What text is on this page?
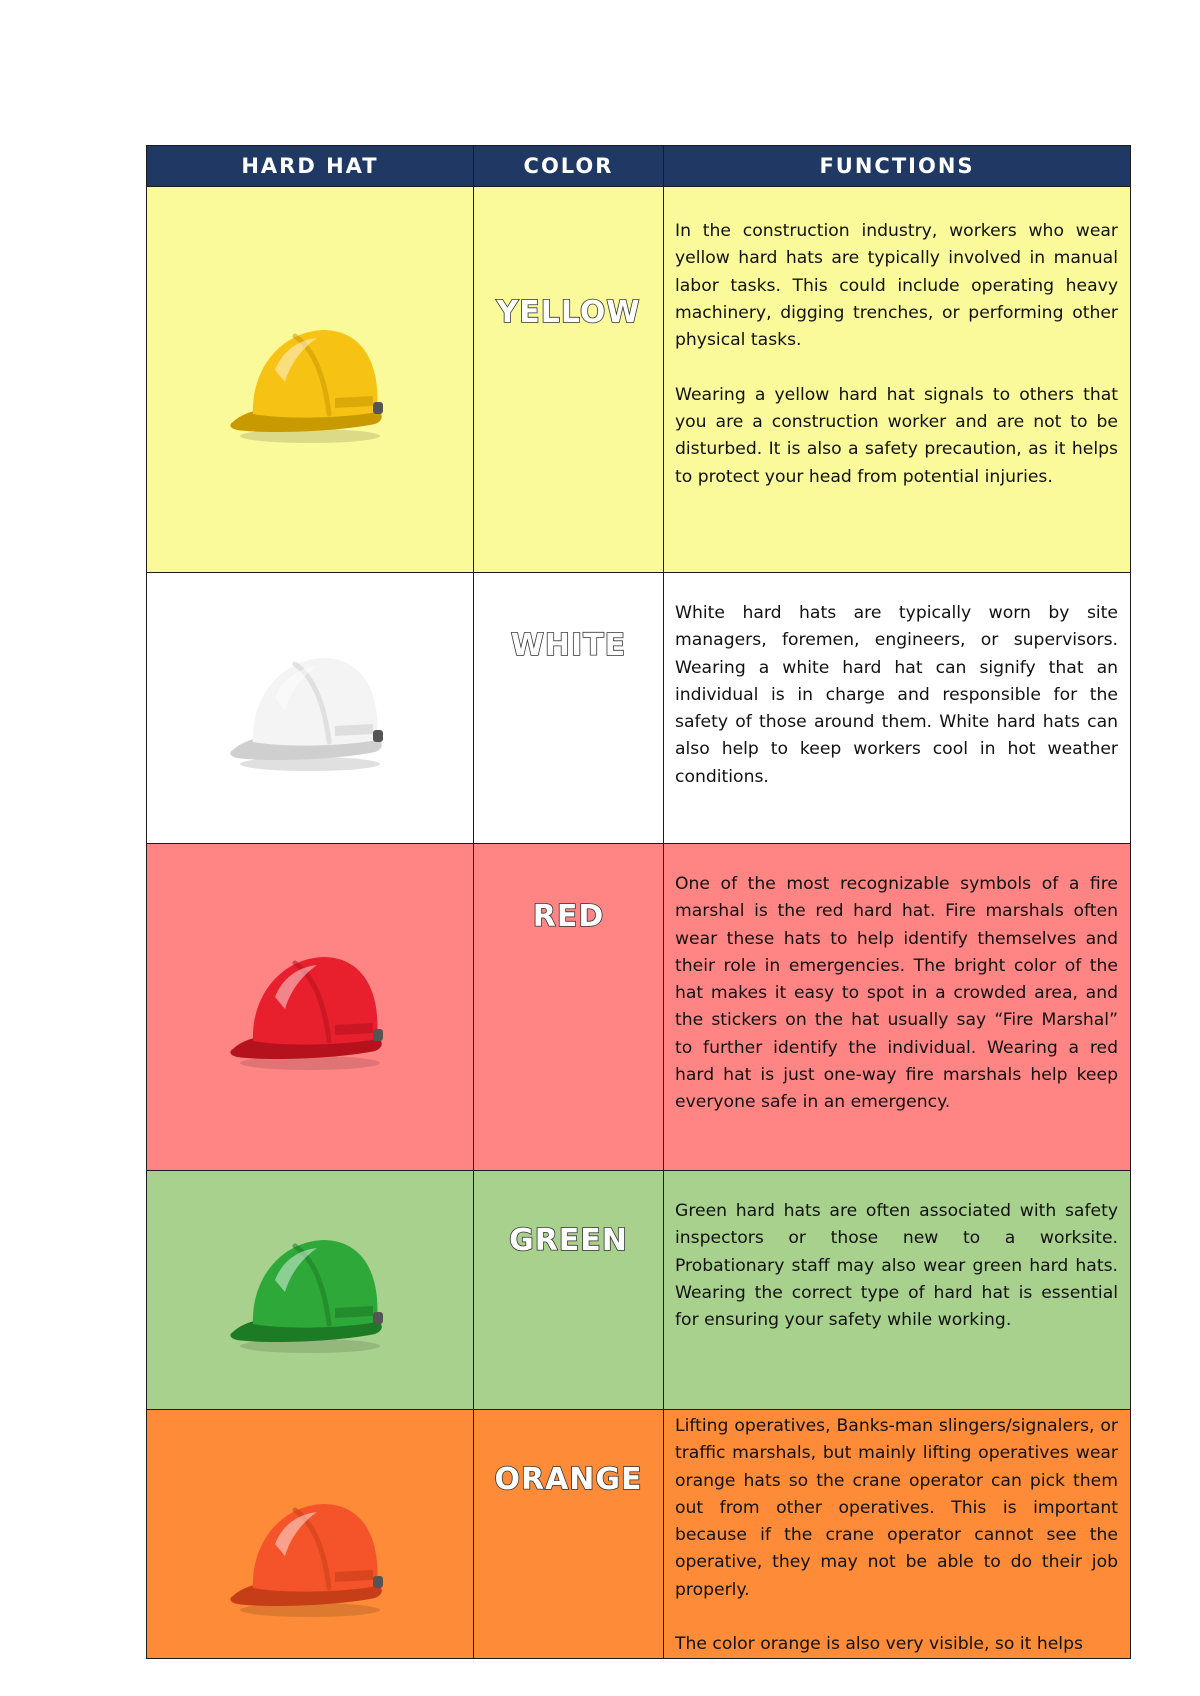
HARD HAT	COLOR	FUNCTIONS

YELLOW	In the construction industry, workers who wear yellow hard hats are typically involved in manual labor tasks. This could include operating heavy machinery, digging trenches, or performing other physical tasks.

Wearing a yellow hard hat signals to others that you are a construction worker and are not to be disturbed. It is also a safety precaution, as it helps to protect your head from potential injuries.

WHITE	White hard hats are typically worn by site managers, foremen, engineers, or supervisors. Wearing a white hard hat can signify that an individual is in charge and responsible for the safety of those around them. White hard hats can also help to keep workers cool in hot weather conditions.

RED	One of the most recognizable symbols of a fire marshal is the red hard hat. Fire marshals often wear these hats to help identify themselves and their role in emergencies. The bright color of the hat makes it easy to spot in a crowded area, and the stickers on the hat usually say “Fire Marshal” to further identify the individual. Wearing a red hard hat is just one-way fire marshals help keep everyone safe in an emergency.

GREEN	Green hard hats are often associated with safety inspectors or those new to a worksite. Probationary staff may also wear green hard hats. Wearing the correct type of hard hat is essential for ensuring your safety while working.

ORANGE	Lifting operatives, Banks-man slingers/signalers, or traffic marshals, but mainly lifting operatives wear orange hats so the crane operator can pick them out from other operatives. This is important because if the crane operator cannot see the operative, they may not be able to do their job properly.

The color orange is also very visible, so it helps
